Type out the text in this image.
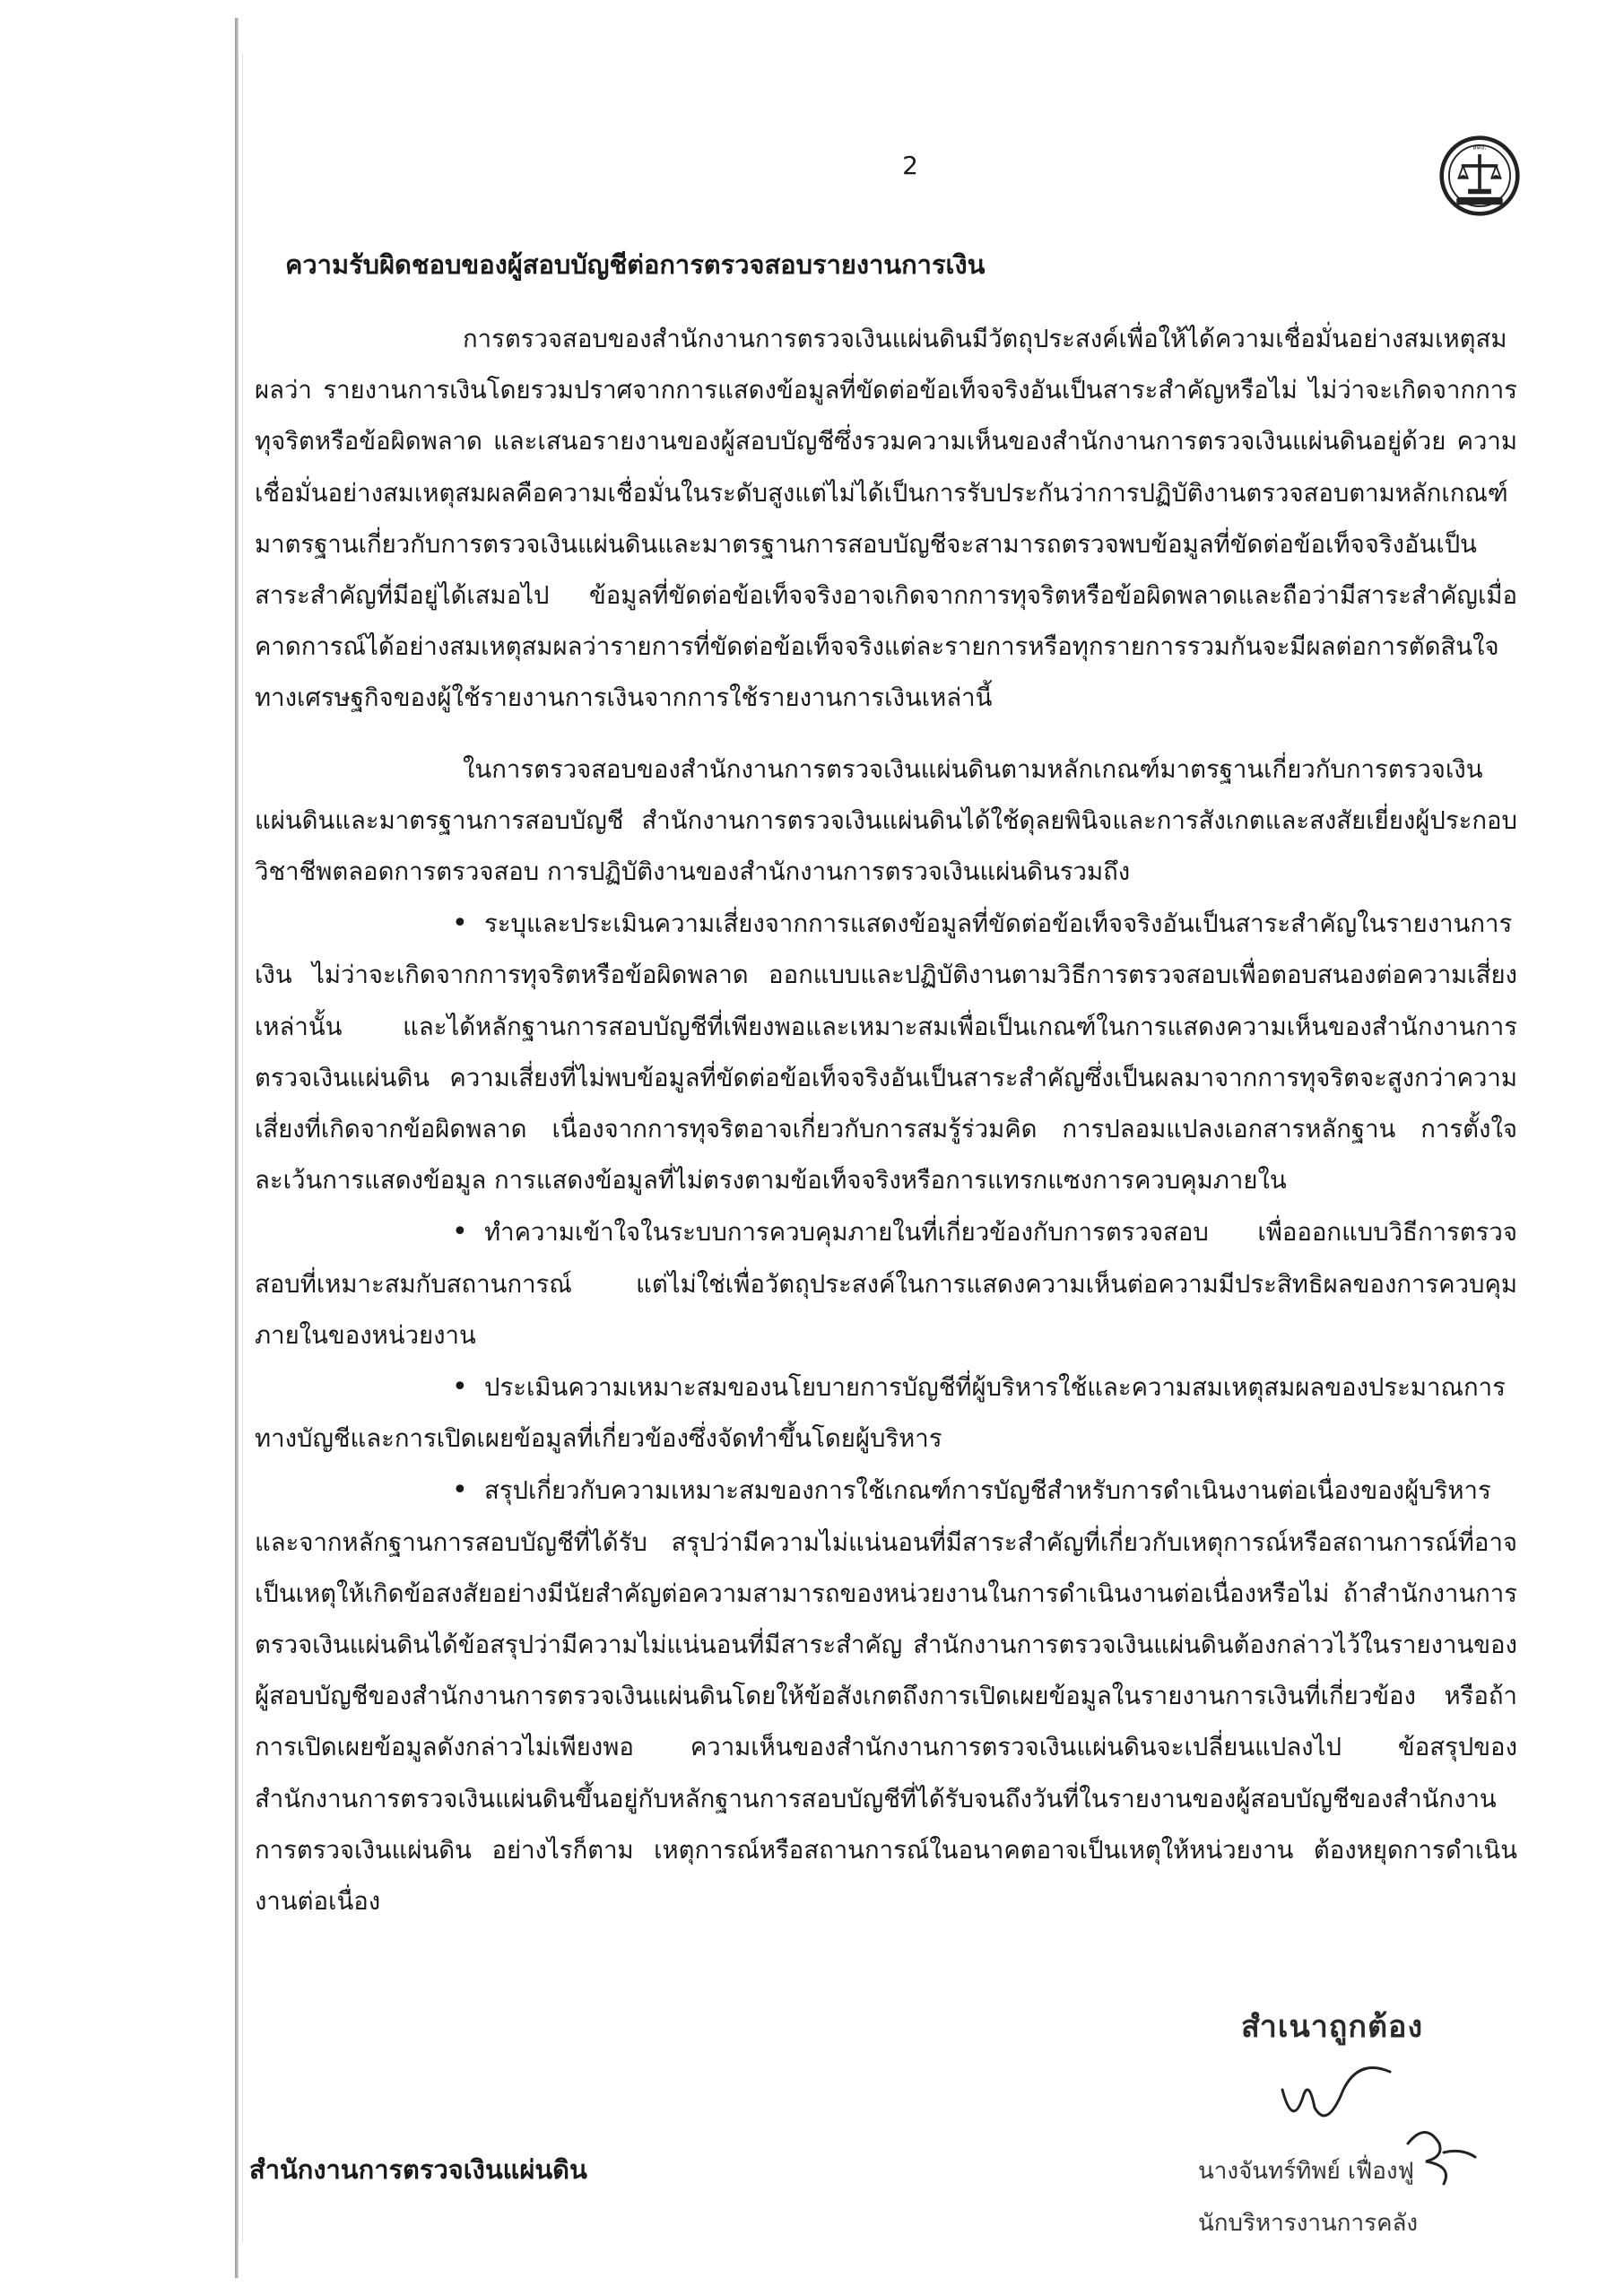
2
สตง.
ความรับผิดชอบของผู้สอบบัญชีต่อการตรวจสอบรายงานการเงิน

การตรวจสอบของสำนักงานการตรวจเงินแผ่นดินมีวัตถุประสงค์เพื่อให้ได้ความเชื่อมั่นอย่างสมเหตุสมผลว่า รายงานการเงินโดยรวมปราศจากการแสดงข้อมูลที่ขัดต่อข้อเท็จจริงอันเป็นสาระสำคัญหรือไม่ ไม่ว่าจะเกิดจากการทุจริตหรือข้อผิดพลาด และเสนอรายงานของผู้สอบบัญชีซึ่งรวมความเห็นของสำนักงานการตรวจเงินแผ่นดินอยู่ด้วย ความเชื่อมั่นอย่างสมเหตุสมผลคือความเชื่อมั่นในระดับสูงแต่ไม่ได้เป็นการรับประกันว่าการปฏิบัติงานตรวจสอบตามหลักเกณฑ์มาตรฐานเกี่ยวกับการตรวจเงินแผ่นดินและมาตรฐานการสอบบัญชีจะสามารถตรวจพบข้อมูลที่ขัดต่อข้อเท็จจริงอันเป็นสาระสำคัญที่มีอยู่ได้เสมอไป ข้อมูลที่ขัดต่อข้อเท็จจริงอาจเกิดจากการทุจริตหรือข้อผิดพลาดและถือว่ามีสาระสำคัญเมื่อคาดการณ์ได้อย่างสมเหตุสมผลว่ารายการที่ขัดต่อข้อเท็จจริงแต่ละรายการหรือทุกรายการรวมกันจะมีผลต่อการตัดสินใจทางเศรษฐกิจของผู้ใช้รายงานการเงินจากการใช้รายงานการเงินเหล่านี้

ในการตรวจสอบของสำนักงานการตรวจเงินแผ่นดินตามหลักเกณฑ์มาตรฐานเกี่ยวกับการตรวจเงินแผ่นดินและมาตรฐานการสอบบัญชี สำนักงานการตรวจเงินแผ่นดินได้ใช้ดุลยพินิจและการสังเกตและสงสัยเยี่ยงผู้ประกอบวิชาชีพตลอดการตรวจสอบ การปฏิบัติงานของสำนักงานการตรวจเงินแผ่นดินรวมถึง

• ระบุและประเมินความเสี่ยงจากการแสดงข้อมูลที่ขัดต่อข้อเท็จจริงอันเป็นสาระสำคัญในรายงานการเงิน ไม่ว่าจะเกิดจากการทุจริตหรือข้อผิดพลาด ออกแบบและปฏิบัติงานตามวิธีการตรวจสอบเพื่อตอบสนองต่อความเสี่ยงเหล่านั้น และได้หลักฐานการสอบบัญชีที่เพียงพอและเหมาะสมเพื่อเป็นเกณฑ์ในการแสดงความเห็นของสำนักงานการตรวจเงินแผ่นดิน ความเสี่ยงที่ไม่พบข้อมูลที่ขัดต่อข้อเท็จจริงอันเป็นสาระสำคัญซึ่งเป็นผลมาจากการทุจริตจะสูงกว่าความเสี่ยงที่เกิดจากข้อผิดพลาด เนื่องจากการทุจริตอาจเกี่ยวกับการสมรู้ร่วมคิด การปลอมแปลงเอกสารหลักฐาน การตั้งใจละเว้นการแสดงข้อมูล การแสดงข้อมูลที่ไม่ตรงตามข้อเท็จจริงหรือการแทรกแซงการควบคุมภายใน

• ทำความเข้าใจในระบบการควบคุมภายในที่เกี่ยวข้องกับการตรวจสอบ เพื่อออกแบบวิธีการตรวจสอบที่เหมาะสมกับสถานการณ์ แต่ไม่ใช่เพื่อวัตถุประสงค์ในการแสดงความเห็นต่อความมีประสิทธิผลของการควบคุมภายในของหน่วยงาน

• ประเมินความเหมาะสมของนโยบายการบัญชีที่ผู้บริหารใช้และความสมเหตุสมผลของประมาณการทางบัญชีและการเปิดเผยข้อมูลที่เกี่ยวข้องซึ่งจัดทำขึ้นโดยผู้บริหาร

• สรุปเกี่ยวกับความเหมาะสมของการใช้เกณฑ์การบัญชีสำหรับการดำเนินงานต่อเนื่องของผู้บริหารและจากหลักฐานการสอบบัญชีที่ได้รับ สรุปว่ามีความไม่แน่นอนที่มีสาระสำคัญที่เกี่ยวกับเหตุการณ์หรือสถานการณ์ที่อาจเป็นเหตุให้เกิดข้อสงสัยอย่างมีนัยสำคัญต่อความสามารถของหน่วยงานในการดำเนินงานต่อเนื่องหรือไม่ ถ้าสำนักงานการตรวจเงินแผ่นดินได้ข้อสรุปว่ามีความไม่แน่นอนที่มีสาระสำคัญ สำนักงานการตรวจเงินแผ่นดินต้องกล่าวไว้ในรายงานของผู้สอบบัญชีของสำนักงานการตรวจเงินแผ่นดินโดยให้ข้อสังเกตถึงการเปิดเผยข้อมูลในรายงานการเงินที่เกี่ยวข้อง หรือถ้าการเปิดเผยข้อมูลดังกล่าวไม่เพียงพอ ความเห็นของสำนักงานการตรวจเงินแผ่นดินจะเปลี่ยนแปลงไป ข้อสรุปของสำนักงานการตรวจเงินแผ่นดินขึ้นอยู่กับหลักฐานการสอบบัญชีที่ได้รับจนถึงวันที่ในรายงานของผู้สอบบัญชีของสำนักงานการตรวจเงินแผ่นดิน อย่างไรก็ตาม เหตุการณ์หรือสถานการณ์ในอนาคตอาจเป็นเหตุให้หน่วยงาน ต้องหยุดการดำเนินงานต่อเนื่อง

สำเนาถูกต้อง
สำนักงานการตรวจเงินแผ่นดิน	นางจันทร์ทิพย์ เฟื่องฟู
นักบริหารงานการคลัง
